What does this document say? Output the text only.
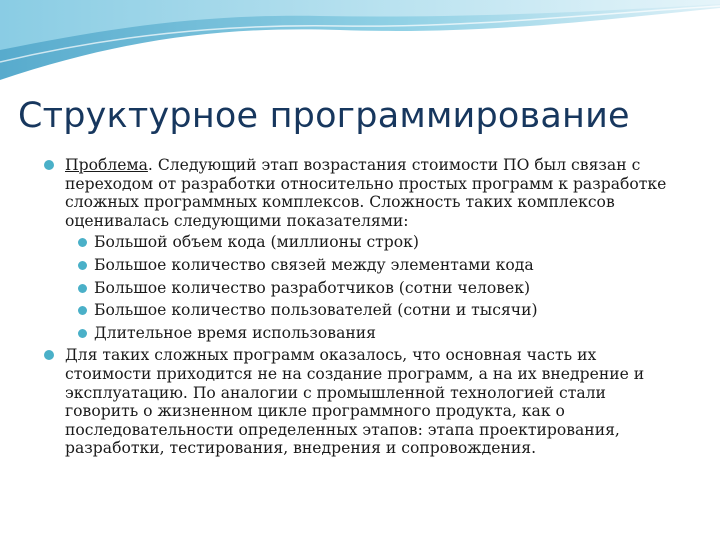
Структурное программирование
Проблема. Следующий этап возрастания стоимости ПО был связан с переходом от разработки относительно простых программ к разработке сложных программных комплексов. Сложность таких комплексов оценивалась следующими показателями:
Большой объем кода (миллионы строк)
Большое количество связей между элементами кода
Большое количество разработчиков (сотни человек)
Большое количество пользователей (сотни и тысячи)
Длительное время использования
Для таких сложных программ оказалось, что основная часть их стоимости приходится не на создание программ, а на их внедрение и эксплуатацию. По аналогии с промышленной технологией стали говорить о жизненном цикле программного продукта, как о последовательности определенных этапов: этапа проектирования, разработки, тестирования, внедрения и сопровождения.
